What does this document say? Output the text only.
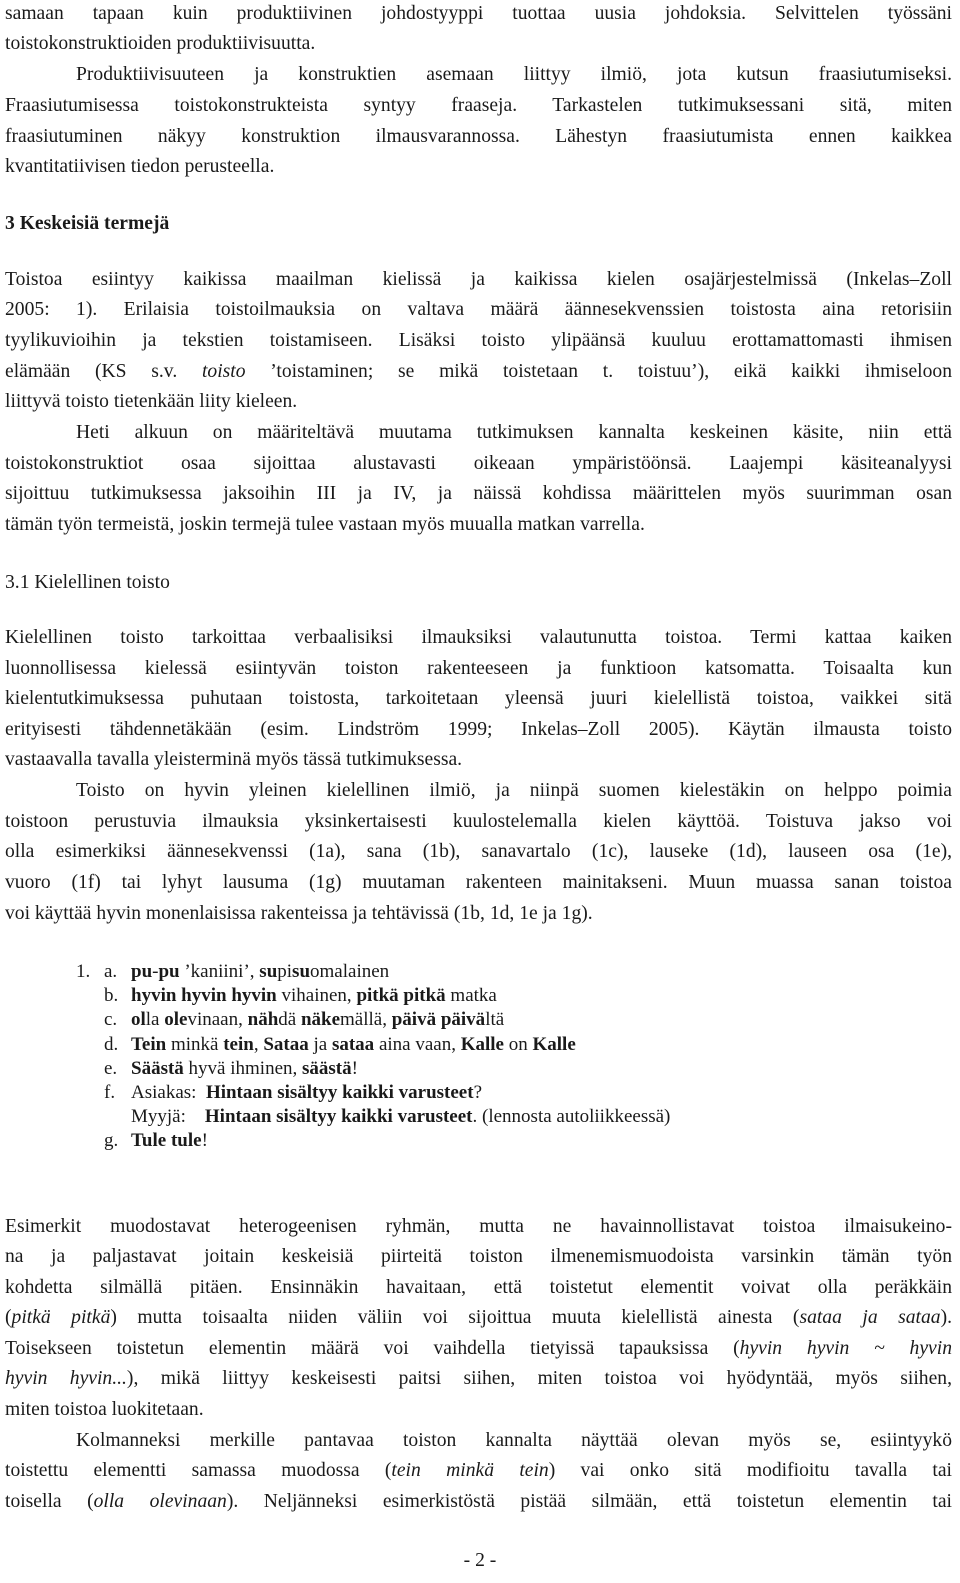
samaan tapaan kuin produktiivinen johdostyyppi tuottaa uusia johdoksia. Selvittelen työssäni
toistokonstruktioiden produktiivisuutta.
Produktiivisuuteen ja konstruktien asemaan liittyy ilmiö, jota kutsun fraasiutumiseksi.
Fraasiutumisessa toistokonstrukteista syntyy fraaseja. Tarkastelen tutkimuksessani sitä, miten
fraasiutuminen näkyy konstruktion ilmausvarannossa. Lähestyn fraasiutumista ennen kaikkea
kvantitatiivisen tiedon perusteella.
3 Keskeisiä termejä
Toistoa esiintyy kaikissa maailman kielissä ja kaikissa kielen osajärjestelmissä (Inkelas–Zoll
2005: 1). Erilaisia toistoilmauksia on valtava määrä äännesekvenssien toistosta aina retorisiin
tyylikuvioihin ja tekstien toistamiseen. Lisäksi toisto ylipäänsä kuuluu erottamattomasti ihmisen
elämään (KS s.v. toisto ’toistaminen; se mikä toistetaan t. toistuu’), eikä kaikki ihmiseloon
liittyvä toisto tietenkään liity kieleen.
Heti alkuun on määriteltävä muutama tutkimuksen kannalta keskeinen käsite, niin että
toistokonstruktiot osaa sijoittaa alustavasti oikeaan ympäristöönsä. Laajempi käsiteanalyysi
sijoittuu tutkimuksessa jaksoihin III ja IV, ja näissä kohdissa määrittelen myös suurimman osan
tämän työn termeistä, joskin termejä tulee vastaan myös muualla matkan varrella.
3.1 Kielellinen toisto
Kielellinen toisto tarkoittaa verbaalisiksi ilmauksiksi valautunutta toistoa. Termi kattaa kaiken
luonnollisessa kielessä esiintyvän toiston rakenteeseen ja funktioon katsomatta. Toisaalta kun
kielentutkimuksessa puhutaan toistosta, tarkoitetaan yleensä juuri kielellistä toistoa, vaikkei sitä
erityisesti tähdennetäkään (esim. Lindström 1999; Inkelas–Zoll 2005). Käytän ilmausta toisto
vastaavalla tavalla yleisterminä myös tässä tutkimuksessa.
Toisto on hyvin yleinen kielellinen ilmiö, ja niinpä suomen kielestäkin on helppo poimia
toistoon perustuvia ilmauksia yksinkertaisesti kuulostelemalla kielen käyttöä. Toistuva jakso voi
olla esimerkiksi äännesekvenssi (1a), sana (1b), sanavartalo (1c), lauseke (1d), lauseen osa (1e),
vuoro (1f) tai lyhyt lausuma (1g) muutaman rakenteen mainitakseni. Muun muassa sanan toistoa
voi käyttää hyvin monenlaisissa rakenteissa ja tehtävissä (1b, 1d, 1e ja 1g).
1. a. pu-pu ’kaniini’, supisuomalainen
b. hyvin hyvin hyvin vihainen, pitkä pitkä matka
c. olla olevinaan, nähdä näkemällä, päivä päivältä
d. Tein minkä tein, Sataa ja sataa aina vaan, Kalle on Kalle
e. Säästä hyvä ihminen, säästä!
f. Asiakas:  Hintaan sisältyy kaikki varusteet?
Myyjä:    Hintaan sisältyy kaikki varusteet. (lennosta autoliikkeessä)
g. Tule tule!
Esimerkit muodostavat heterogeenisen ryhmän, mutta ne havainnollistavat toistoa ilmaisukeino-
na ja paljastavat joitain keskeisiä piirteitä toiston ilmenemismuodoista varsinkin tämän työn
kohdetta silmällä pitäen. Ensinnäkin havaitaan, että toistetut elementit voivat olla peräkkäin
(pitkä pitkä) mutta toisaalta niiden väliin voi sijoittua muuta kielellistä ainesta (sataa ja sataa).
Toisekseen toistetun elementin määrä voi vaihdella tietyissä tapauksissa (hyvin hyvin ~ hyvin
hyvin hyvin...), mikä liittyy keskeisesti paitsi siihen, miten toistoa voi hyödyntää, myös siihen,
miten toistoa luokitetaan.
Kolmanneksi merkille pantavaa toiston kannalta näyttää olevan myös se, esiintyykö
toistettu elementti samassa muodossa (tein minkä tein) vai onko sitä modifioitu tavalla tai
toisella (olla olevinaan). Neljänneksi esimerkistöstä pistää silmään, että toistetun elementin tai
- 2 -
